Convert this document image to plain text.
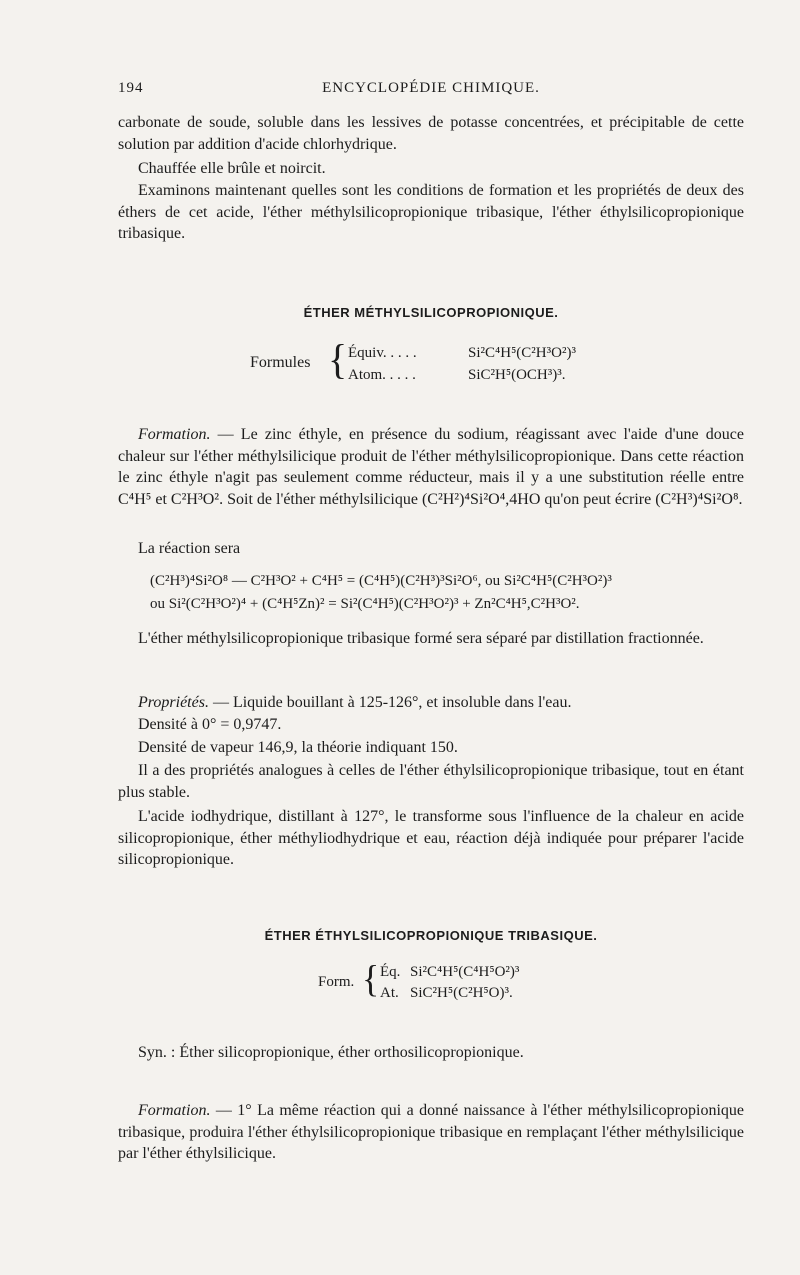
194	ENCYCLOPÉDIE CHIMIQUE.

carbonate de soude, soluble dans les lessives de potasse concentrées, et précipitable de cette solution par addition d'acide chlorhydrique.

Chauffée elle brûle et noircit.

Examinons maintenant quelles sont les conditions de formation et les propriétés de deux des éthers de cet acide, l'éther méthylsilicopropionique tribasique, l'éther éthylsilicopropionique tribasique.

ÉTHER MÉTHYLSILICOPROPIONIQUE.
Formules { Équiv. . . . .	Si²C⁴H⁵(C²H³O²)³
Atom. . . . .	SiC²H⁵(OCH³)³.

Formation. — Le zinc éthyle, en présence du sodium, réagissant avec l'aide d'une douce chaleur sur l'éther méthylsilicique produit de l'éther méthylsilicopropionique. Dans cette réaction le zinc éthyle n'agit pas seulement comme réducteur, mais il y a une substitution réelle entre C⁴H⁵ et C²H³O². Soit de l'éther méthylsilicique (C²H²)⁴Si²O⁴,4HO qu'on peut écrire (C²H³)⁴Si²O⁸.

La réaction sera

(C²H³)⁴Si²O⁸ — C²H³O² + C⁴H⁵ = (C⁴H⁵)(C²H³)³Si²O⁶, ou Si²C⁴H⁵(C²H³O²)³
ou Si²(C²H³O²)⁴ + (C⁴H⁵Zn)² = Si²(C⁴H⁵)(C²H³O²)³ + Zn²C⁴H⁵,C²H³O².

L'éther méthylsilicopropionique tribasique formé sera séparé par distillation fractionnée.

Propriétés. — Liquide bouillant à 125-126°, et insoluble dans l'eau.

Densité à 0° = 0,9747.

Densité de vapeur 146,9, la théorie indiquant 150.

Il a des propriétés analogues à celles de l'éther éthylsilicopropionique tribasique, tout en étant plus stable.

L'acide iodhydrique, distillant à 127°, le transforme sous l'influence de la chaleur en acide silicopropionique, éther méthyliodhydrique et eau, réaction déjà indiquée pour préparer l'acide silicopropionique.

ÉTHER ÉTHYLSILICOPROPIONIQUE TRIBASIQUE.
Form. { Éq. Si²C⁴H⁵(C⁴H⁵O²)³
At. SiC²H⁵(C²H⁵O)³.

Syn. : Éther silicopropionique, éther orthosilicopropionique.

Formation. — 1° La même réaction qui a donné naissance à l'éther méthylsilicopropionique tribasique, produira l'éther éthylsilicopropionique tribasique en remplaçant l'éther méthylsilicique par l'éther éthylsilicique.
